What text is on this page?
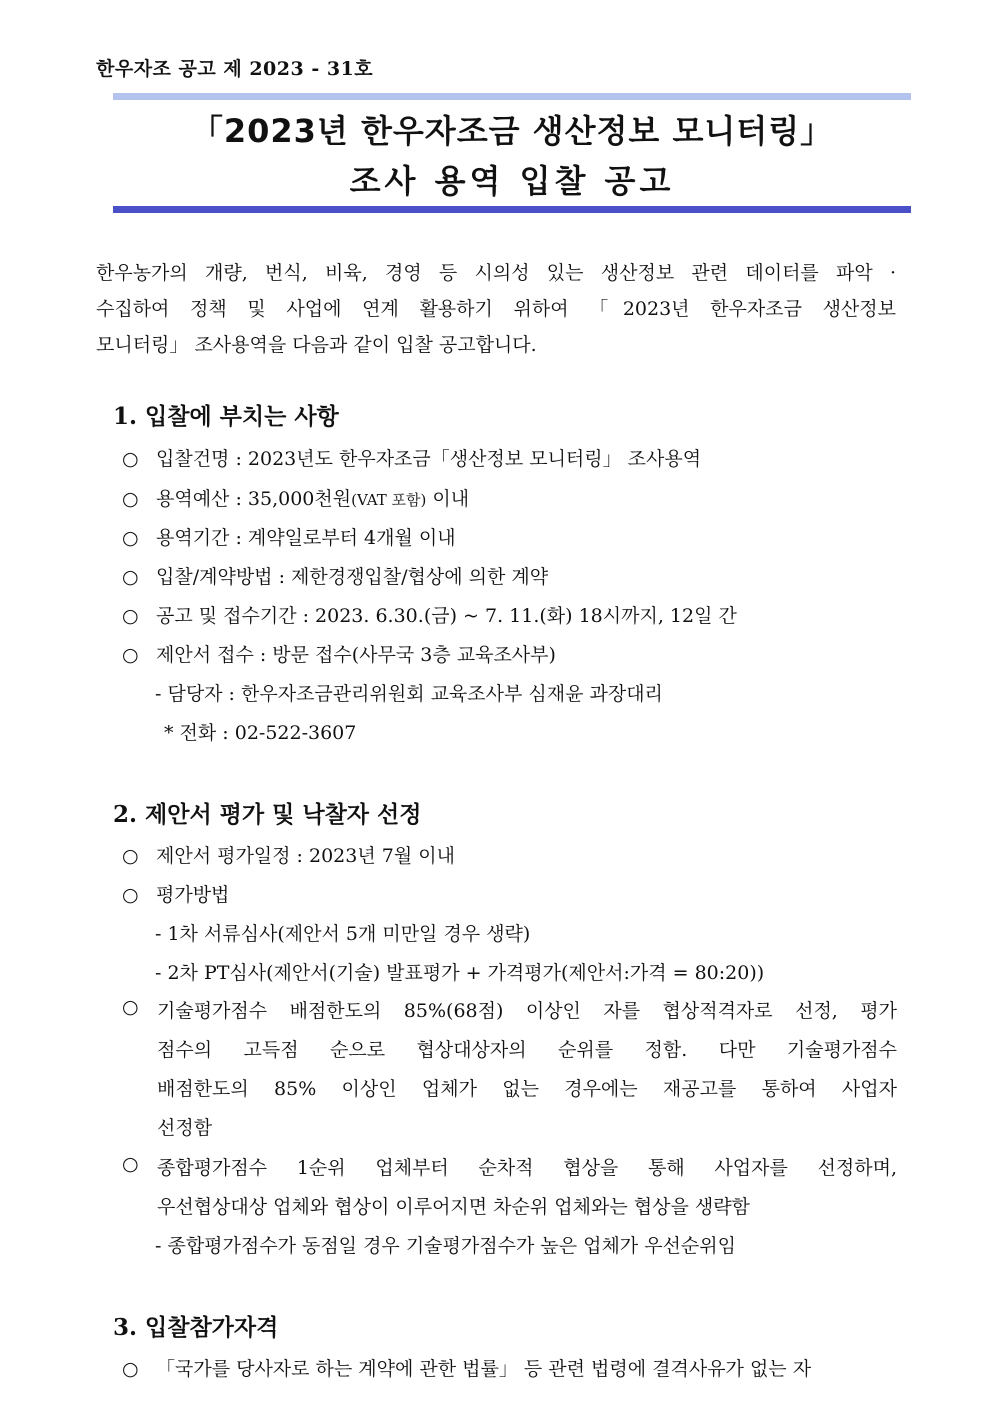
한우자조 공고 제 2023 - 31호
「2023년 한우자조금 생산정보 모니터링」
조사 용역 입찰 공고
한우농가의 개량, 번식, 비육, 경영 등 시의성 있는 생산정보 관련 데이터를 파악 ·
수집하여 정책 및 사업에 연계 활용하기 위하여 「2023년 한우자조금 생산정보
모니터링」 조사용역을 다음과 같이 입찰 공고합니다.
1. 입찰에 부치는 사항
○ 입찰건명 : 2023년도 한우자조금「생산정보 모니터링」 조사용역
○ 용역예산 : 35,000천원(VAT 포함) 이내
○ 용역기간 : 계약일로부터 4개월 이내
○ 입찰/계약방법 : 제한경쟁입찰/협상에 의한 계약
○ 공고 및 접수기간 : 2023. 6.30.(금) ~ 7. 11.(화) 18시까지, 12일 간
○ 제안서 접수 : 방문 접수(사무국 3층 교육조사부)
- 담당자 : 한우자조금관리위원회 교육조사부 심재윤 과장대리
* 전화 : 02-522-3607
2. 제안서 평가 및 낙찰자 선정
○ 제안서 평가일정 : 2023년 7월 이내
○ 평가방법
- 1차 서류심사(제안서 5개 미만일 경우 생략)
- 2차 PT심사(제안서(기술) 발표평가 + 가격평가(제안서:가격 = 80:20))
○ 기술평가점수 배점한도의 85%(68점) 이상인 자를 협상적격자로 선정, 평가
점수의 고득점 순으로 협상대상자의 순위를 정함. 다만 기술평가점수
배점한도의 85% 이상인 업체가 없는 경우에는 재공고를 통하여 사업자
선정함
○ 종합평가점수 1순위 업체부터 순차적 협상을 통해 사업자를 선정하며,
우선협상대상 업체와 협상이 이루어지면 차순위 업체와는 협상을 생략함
- 종합평가점수가 동점일 경우 기술평가점수가 높은 업체가 우선순위임
3. 입찰참가자격
○ 「국가를 당사자로 하는 계약에 관한 법률」 등 관련 법령에 결격사유가 없는 자
